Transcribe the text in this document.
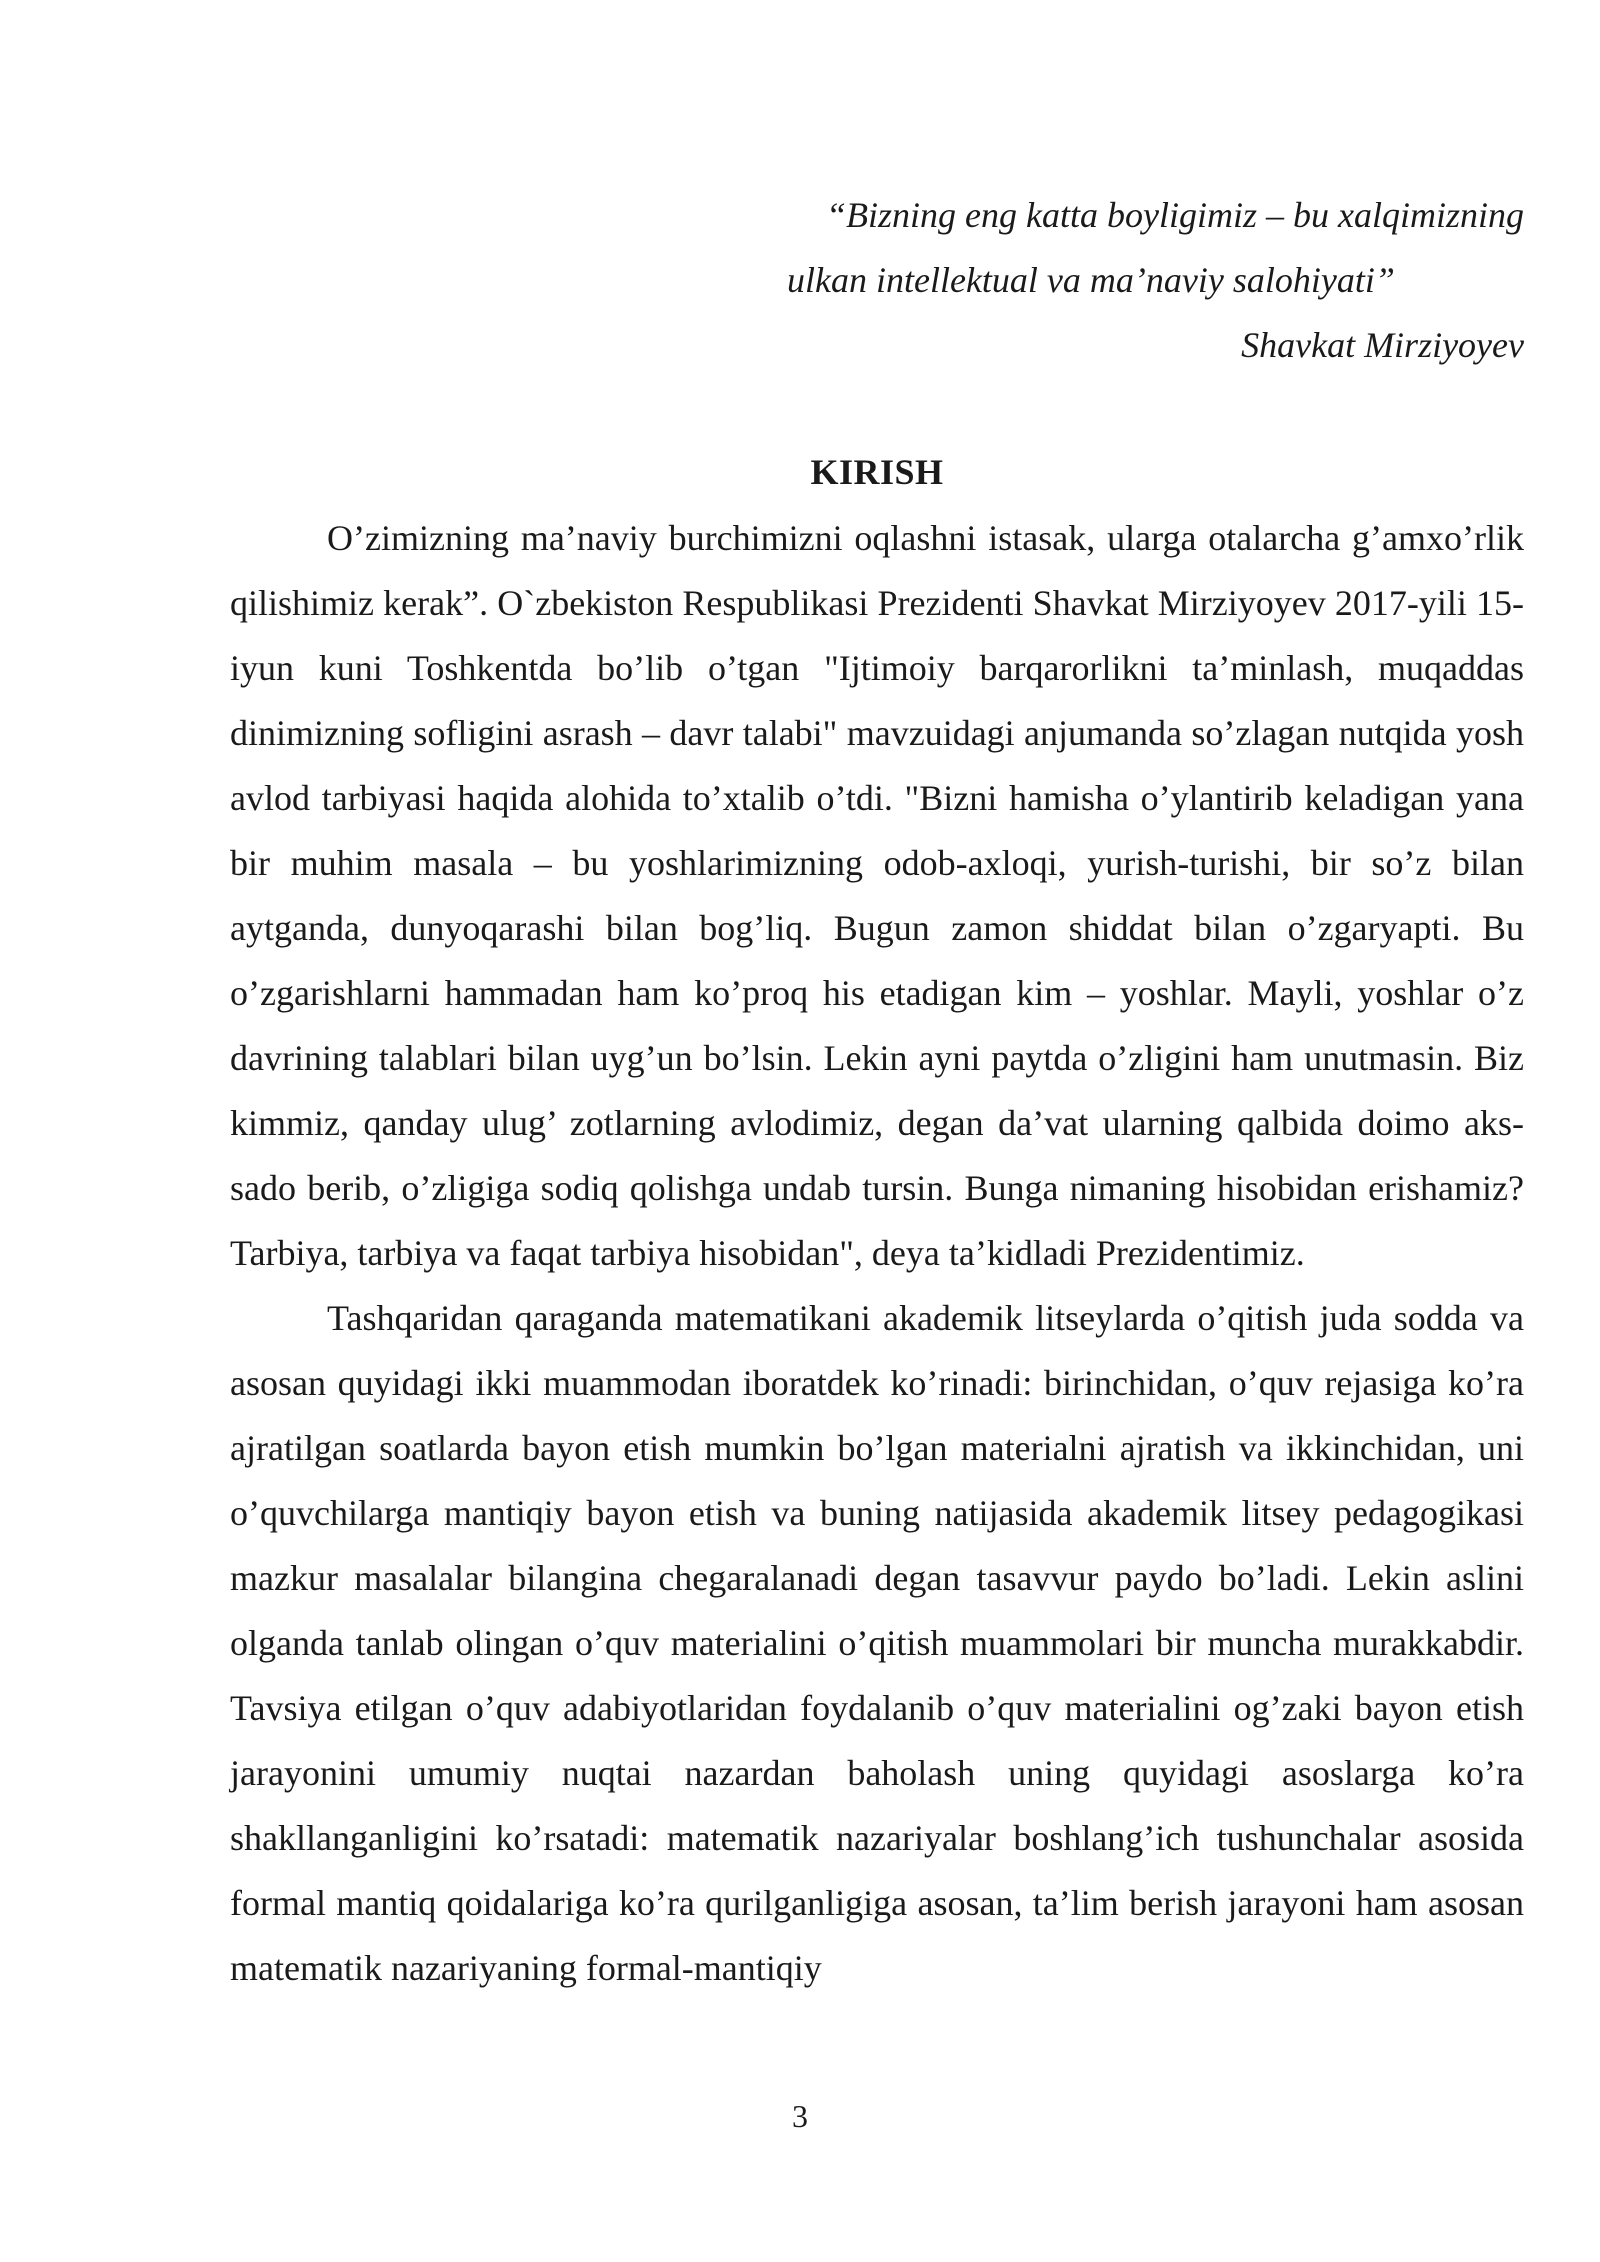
“Bizning eng katta boyligimiz – bu xalqimizning
ulkan intellektual va ma’naviy salohiyati”
Shavkat Mirziyoyev
KIRISH

O’zimizning ma’naviy burchimizni oqlashni istasak, ularga otalarcha g’amxo’rlik qilishimiz kerak”. O`zbekiston Respublikasi Prezidenti Shavkat Mirziyoyev 2017-yili 15-iyun kuni Toshkentda bo’lib o’tgan "Ijtimoiy barqarorlikni ta’minlash, muqaddas dinimizning sofligini asrash – davr talabi" mavzuidagi anjumanda so’zlagan nutqida yosh avlod tarbiyasi haqida alohida to’xtalib o’tdi. "Bizni hamisha o’ylantirib keladigan yana bir muhim masala – bu yoshlarimizning odob-axloqi, yurish-turishi, bir so’z bilan aytganda, dunyoqarashi bilan bog’liq. Bugun zamon shiddat bilan o’zgaryapti. Bu o’zgarishlarni hammadan ham ko’proq his etadigan kim – yoshlar. Mayli, yoshlar o’z davrining talablari bilan uyg’un bo’lsin. Lekin ayni paytda o’zligini ham unutmasin. Biz kimmiz, qanday ulug’ zotlarning avlodimiz, degan da’vat ularning qalbida doimo aks-sado berib, o’zligiga sodiq qolishga undab tursin. Bunga nimaning hisobidan erishamiz? Tarbiya, tarbiya va faqat tarbiya hisobidan", deya ta’kidladi Prezidentimiz.

Tashqaridan qaraganda matematikani akademik litseylarda o’qitish juda sodda va asosan quyidagi ikki muammodan iboratdek ko’rinadi: birinchidan, o’quv rejasiga ko’ra ajratilgan soatlarda bayon etish mumkin bo’lgan materialni ajratish va ikkinchidan, uni o’quvchilarga mantiqiy bayon etish va buning natijasida akademik litsey pedagogikasi mazkur masalalar bilangina chegaralanadi degan tasavvur paydo bo’ladi. Lekin aslini olganda tanlab olingan o’quv materialini o’qitish muammolari bir muncha murakkabdir. Tavsiya etilgan o’quv adabiyotlaridan foydalanib o’quv materialini og’zaki bayon etish jarayonini umumiy nuqtai nazardan baholash uning quyidagi asoslarga ko’ra shakllanganligini ko’rsatadi: matematik nazariyalar boshlang’ich tushunchalar asosida formal mantiq qoidalariga ko’ra qurilganligiga asosan, ta’lim berish jarayoni ham asosan matematik nazariyaning formal-mantiqiy

3
